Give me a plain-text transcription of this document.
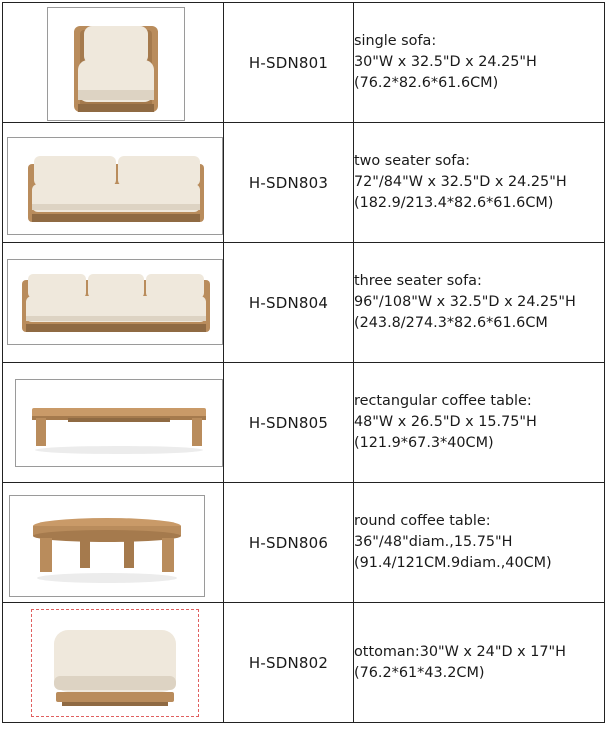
	H-SDN801	single sofa:
30"W x 32.5"D x 24.25"H
(76.2*82.6*61.6CM)

	H-SDN803	two seater sofa:
72"/84"W x 32.5"D x 24.25"H
(182.9/213.4*82.6*61.6CM)

	H-SDN804	three seater sofa:
96"/108"W x 32.5"D x 24.25"H
(243.8/274.3*82.6*61.6CM

	H-SDN805	rectangular coffee table:
48"W x 26.5"D x 15.75"H
(121.9*67.3*40CM)

	H-SDN806	round coffee table:
36"/48"diam.,15.75"H
(91.4/121CM.9diam.,40CM)

	H-SDN802	ottoman:30"W x 24"D x 17"H
(76.2*61*43.2CM)
